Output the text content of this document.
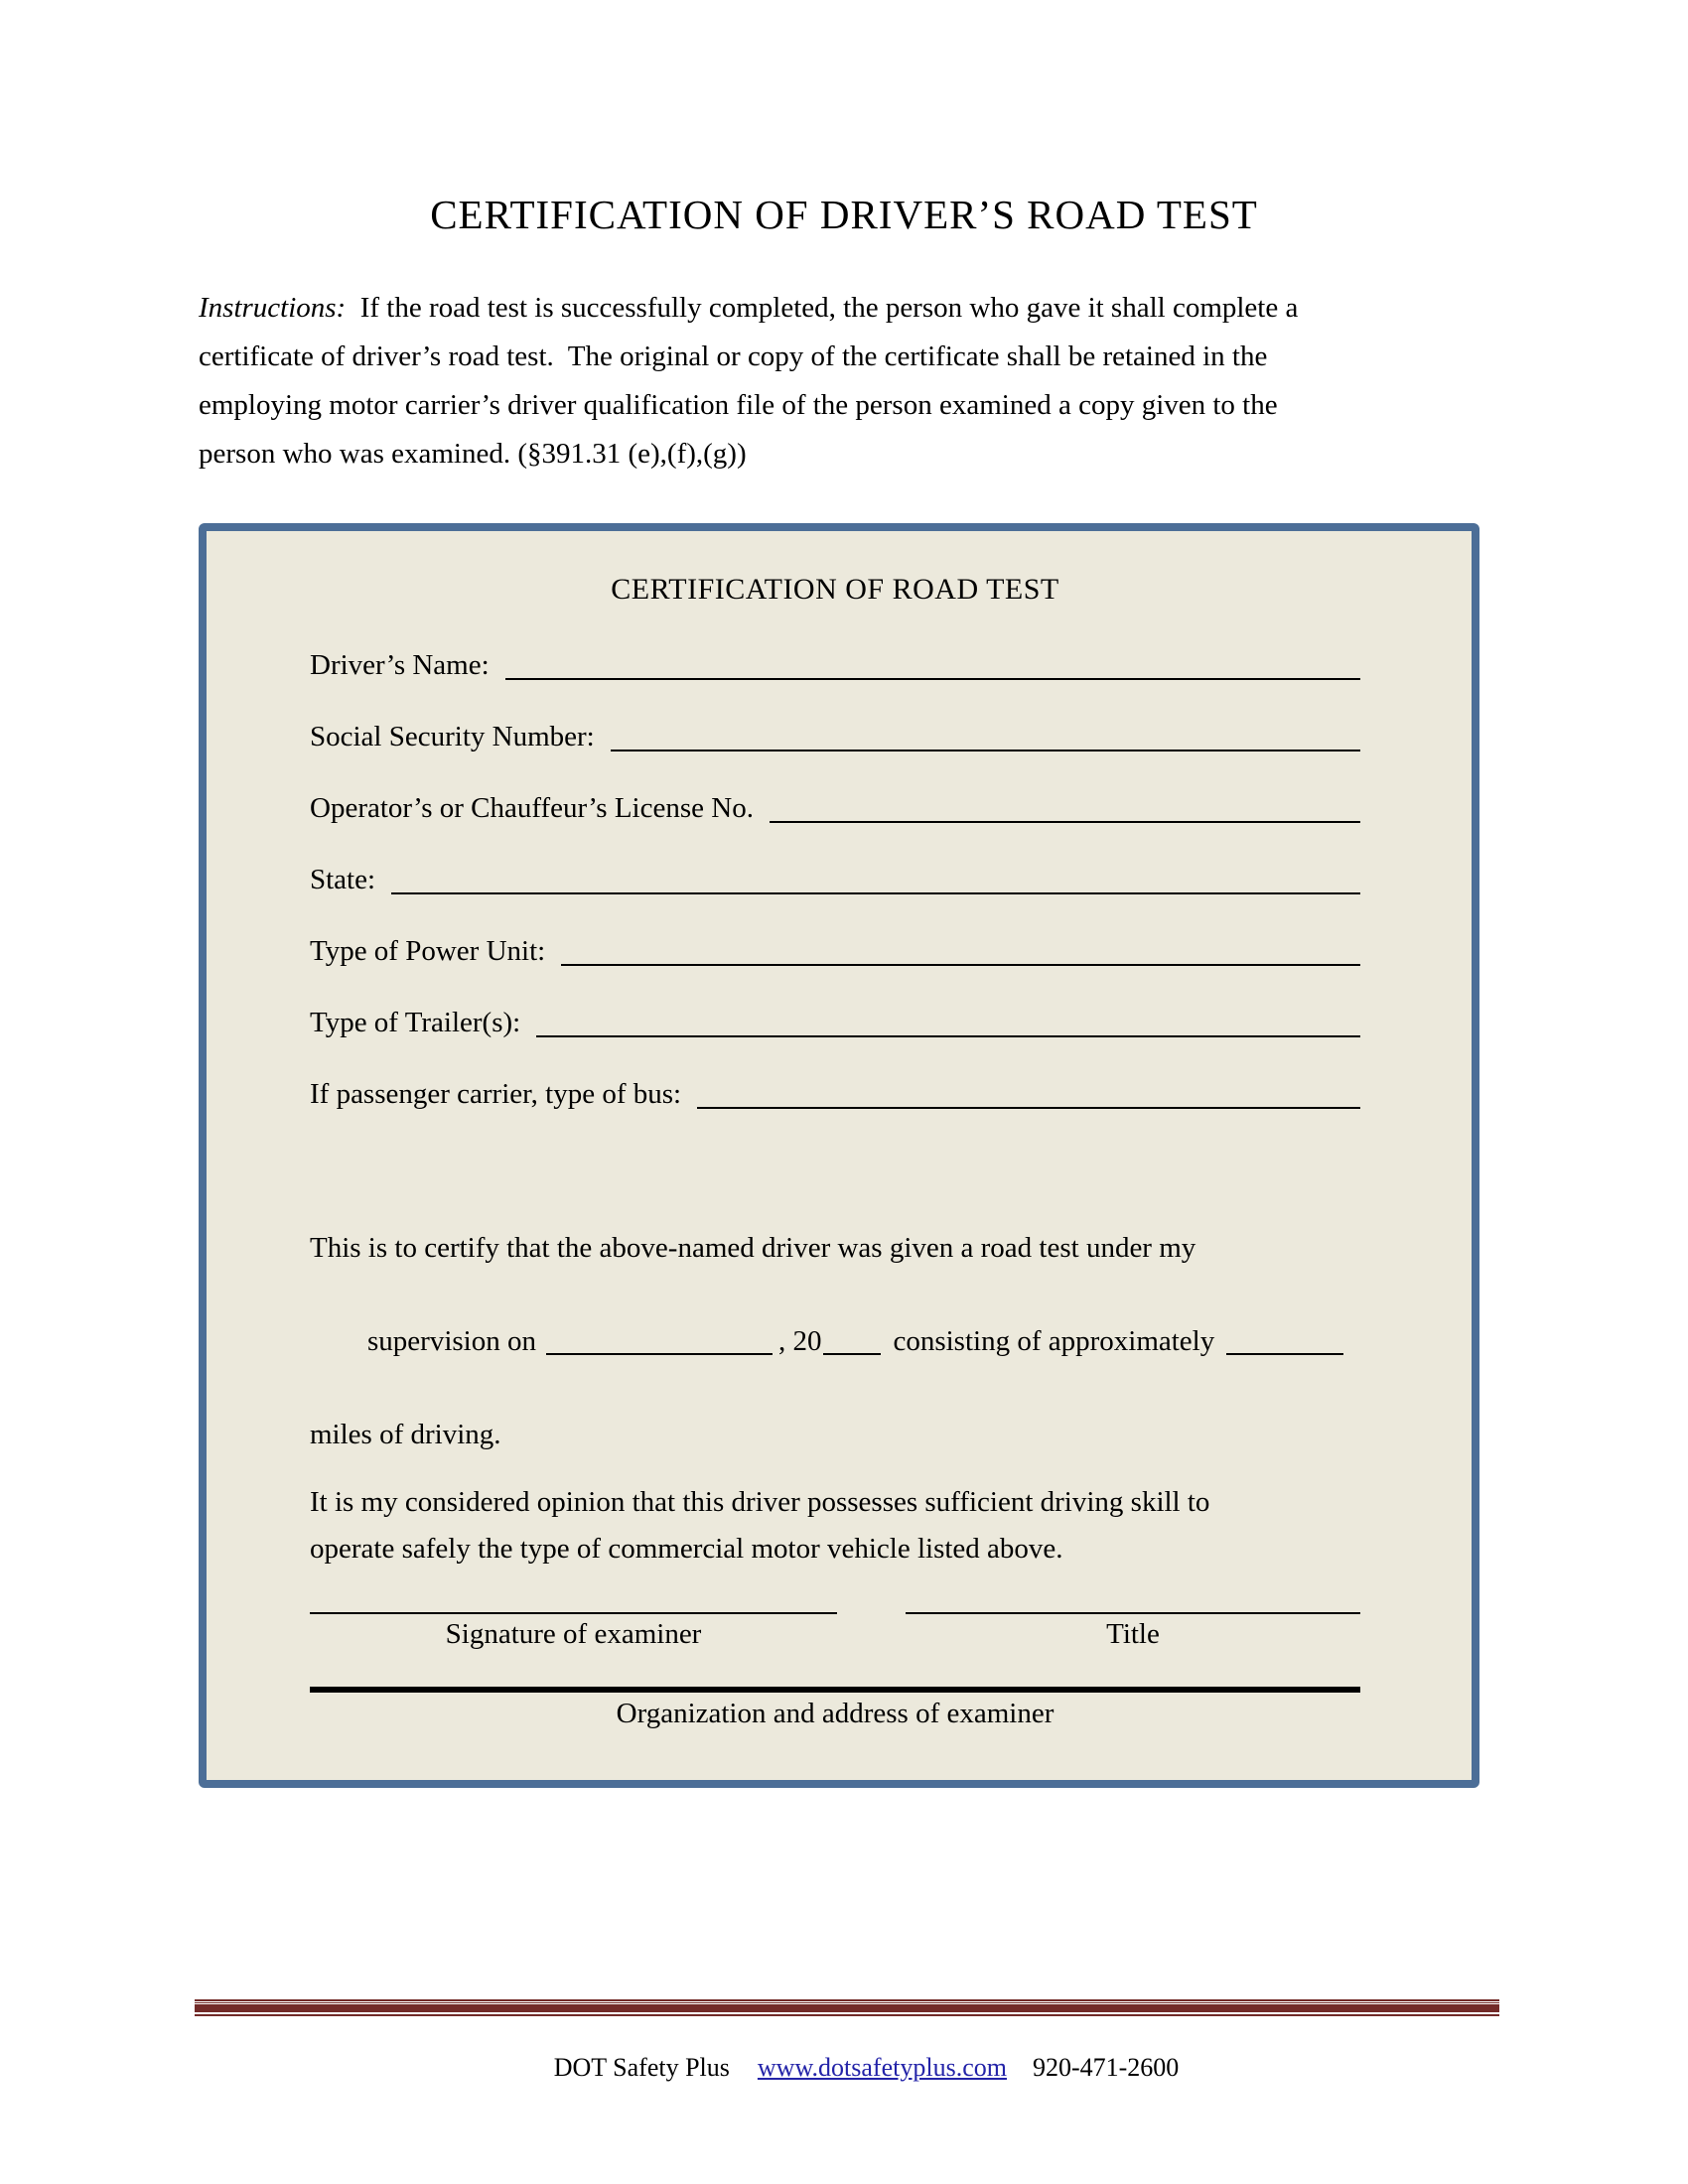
CERTIFICATION OF DRIVER’S ROAD TEST
Instructions:  If the road test is successfully completed, the person who gave it shall complete a
certificate of driver’s road test.  The original or copy of the certificate shall be retained in the
employing motor carrier’s driver qualification file of the person examined a copy given to the
person who was examined. (§391.31 (e),(f),(g))
CERTIFICATION OF ROAD TEST
Driver’s Name:
Social Security Number:
Operator’s or Chauffeur’s License No.
State:
Type of Power Unit:
Type of Trailer(s):
If passenger carrier, type of bus:
This is to certify that the above-named driver was given a road test under my

supervision on	, 20 consisting of approximately

miles of driving.
It is my considered opinion that this driver possesses sufficient driving skill to
operate safely the type of commercial motor vehicle listed above.
Signature of examiner	Title
Organization and address of examiner

DOT Safety Plus www.dotsafetyplus.com 920-471-2600
